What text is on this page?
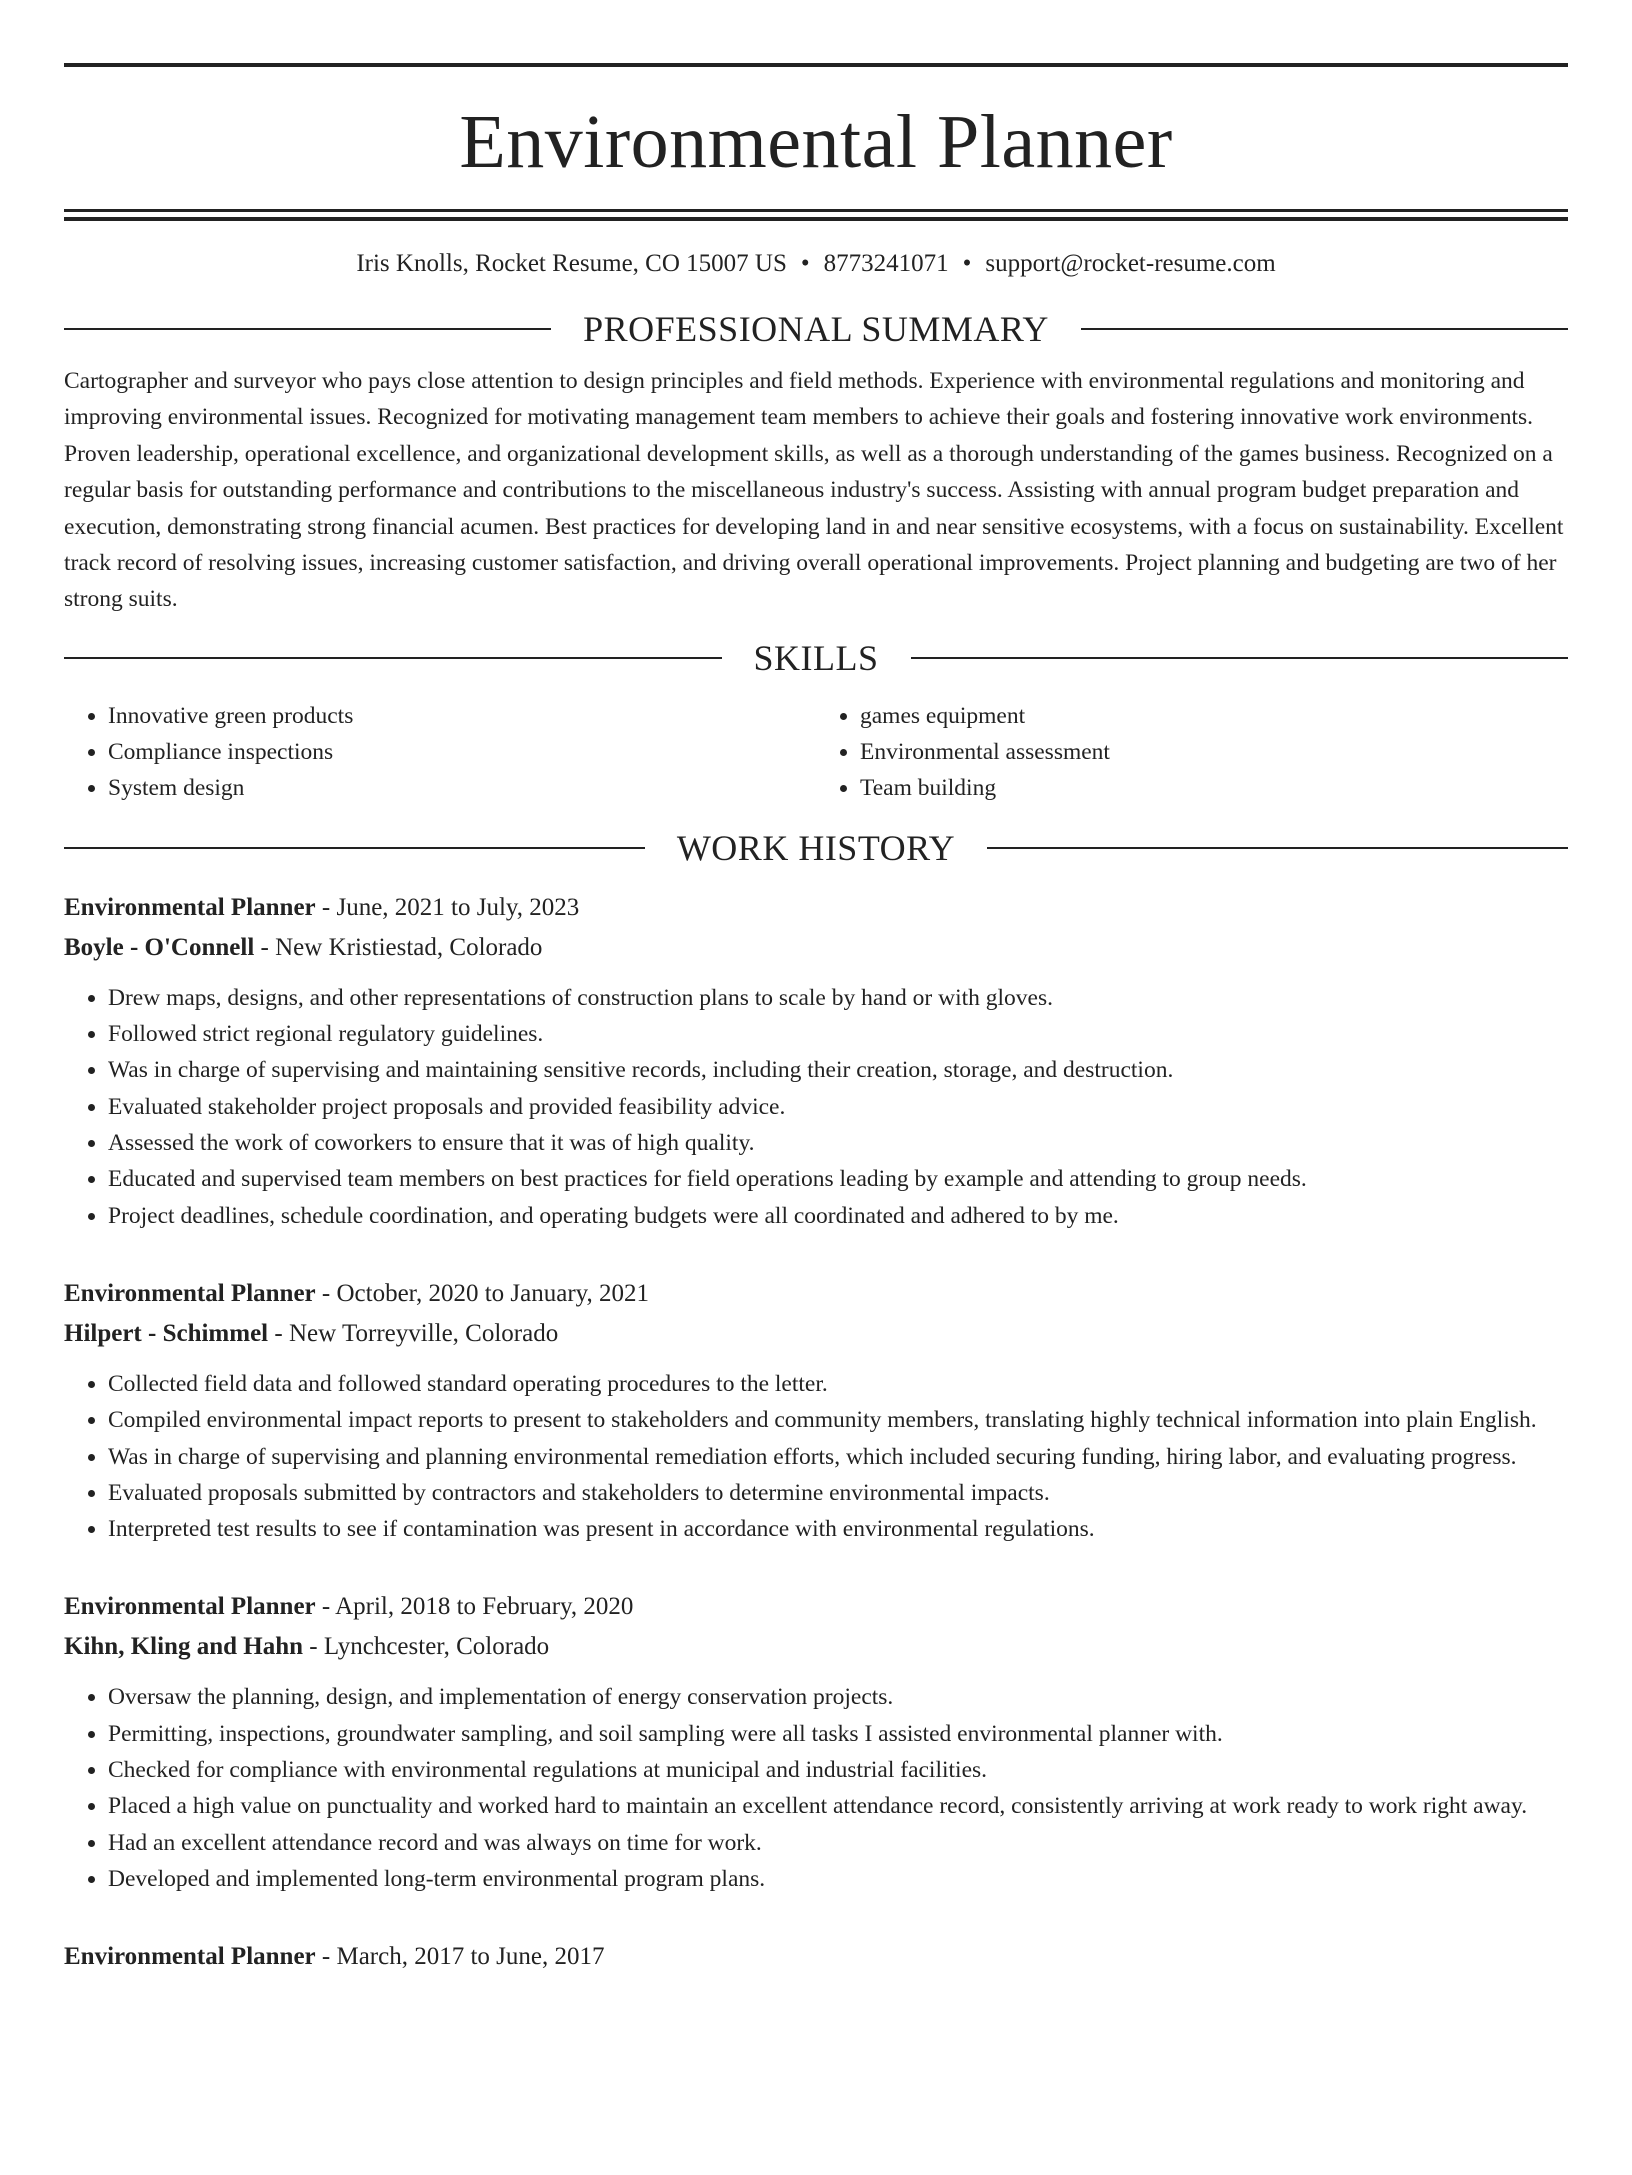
Environmental Planner
Iris Knolls, Rocket Resume, CO 15007 US • 8773241071 • support@rocket-resume.com
PROFESSIONAL SUMMARY

Cartographer and surveyor who pays close attention to design principles and field methods. Experience with environmental regulations and monitoring and improving environmental issues. Recognized for motivating management team members to achieve their goals and fostering innovative work environments. Proven leadership, operational excellence, and organizational development skills, as well as a thorough understanding of the games business. Recognized on a regular basis for outstanding performance and contributions to the miscellaneous industry's success. Assisting with annual program budget preparation and execution, demonstrating strong financial acumen. Best practices for developing land in and near sensitive ecosystems, with a focus on sustainability. Excellent track record of resolving issues, increasing customer satisfaction, and driving overall operational improvements. Project planning and budgeting are two of her strong suits.

SKILLS
• Innovative green products
• Compliance inspections
• System design
• games equipment
• Environmental assessment
• Team building
WORK HISTORY
Environmental Planner - June, 2021 to July, 2023
Boyle - O'Connell - New Kristiestad, Colorado
• Drew maps, designs, and other representations of construction plans to scale by hand or with gloves.
• Followed strict regional regulatory guidelines.
• Was in charge of supervising and maintaining sensitive records, including their creation, storage, and destruction.
• Evaluated stakeholder project proposals and provided feasibility advice.
• Assessed the work of coworkers to ensure that it was of high quality.
• Educated and supervised team members on best practices for field operations leading by example and attending to group needs.
• Project deadlines, schedule coordination, and operating budgets were all coordinated and adhered to by me.
Environmental Planner - October, 2020 to January, 2021
Hilpert - Schimmel - New Torreyville, Colorado
• Collected field data and followed standard operating procedures to the letter.
• Compiled environmental impact reports to present to stakeholders and community members, translating highly technical information into plain English.
• Was in charge of supervising and planning environmental remediation efforts, which included securing funding, hiring labor, and evaluating progress.
• Evaluated proposals submitted by contractors and stakeholders to determine environmental impacts.
• Interpreted test results to see if contamination was present in accordance with environmental regulations.
Environmental Planner - April, 2018 to February, 2020
Kihn, Kling and Hahn - Lynchcester, Colorado
• Oversaw the planning, design, and implementation of energy conservation projects.
• Permitting, inspections, groundwater sampling, and soil sampling were all tasks I assisted environmental planner with.
• Checked for compliance with environmental regulations at municipal and industrial facilities.
• Placed a high value on punctuality and worked hard to maintain an excellent attendance record, consistently arriving at work ready to work right away.
• Had an excellent attendance record and was always on time for work.
• Developed and implemented long-term environmental program plans.
Environmental Planner - March, 2017 to June, 2017
